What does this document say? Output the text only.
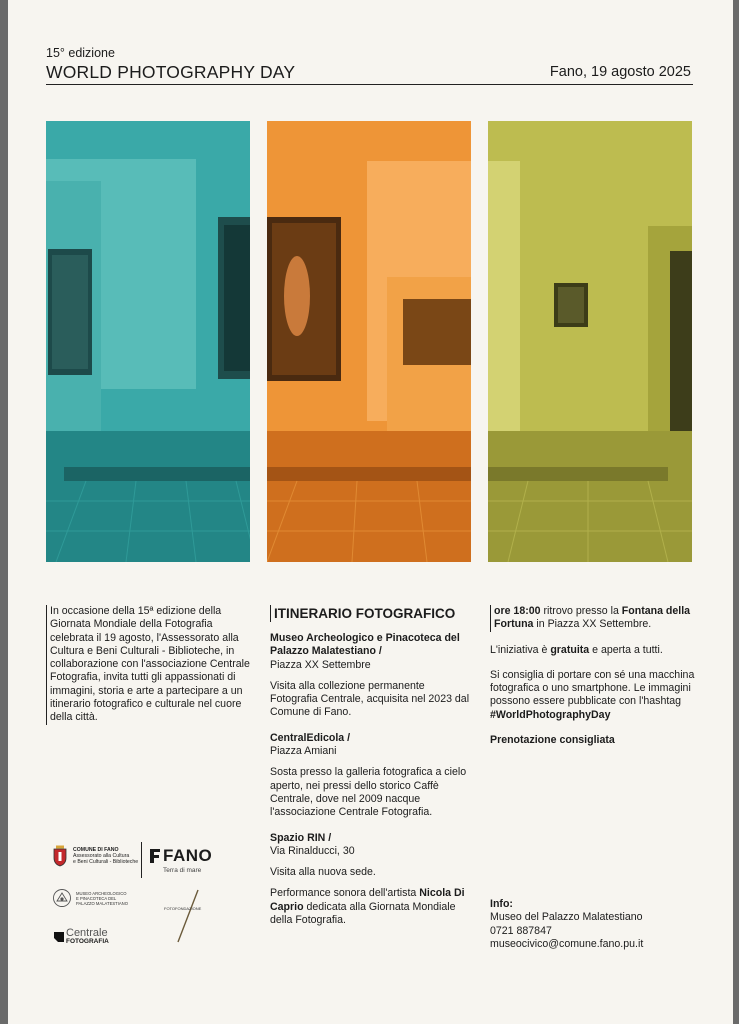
15° edizione
WORLD PHOTOGRAPHY DAY	Fano, 19 agosto 2025

In occasione della 15ª edizione della Giornata Mondiale della Fotografia celebrata il 19 agosto, l'Assessorato alla Cultura e Beni Culturali - Biblioteche, in collaborazione con l'associazione Centrale Fotografia, invita tutti gli appassionati di immagini, storia e arte a partecipare a un itinerario fotografico e culturale nel cuore della città.

ITINERARIO FOTOGRAFICO

Museo Archeologico e Pinacoteca del Palazzo Malatestiano /

Piazza XX Settembre

Visita alla collezione permanente Fotografia Centrale, acquisita nel 2023 dal Comune di Fano.

CentralEdicola /

Piazza Amiani

Sosta presso la galleria fotografica a cielo aperto, nei pressi dello storico Caffè Centrale, dove nel 2009 nacque l'associazione Centrale Fotografia.

Spazio RIN /

Via Rinalducci, 30

Visita alla nuova sede.

Performance sonora dell'artista Nicola Di Caprio dedicata alla Giornata Mondiale della Fotografia.

ore 18:00 ritrovo presso la Fontana della Fortuna in Piazza XX Settembre.

L'iniziativa è gratuita e aperta a tutti.

Si consiglia di portare con sé una macchina fotografica o uno smartphone. Le immagini possono essere pubblicate con l'hashtag

#WorldPhotographyDay

Prenotazione consigliata

Info:

Museo del Palazzo Malatestiano

0721 887847

museocivico@comune.fano.pu.it

COMUNE DI FANO
Assessorato alla Cultura
e Beni Culturali - Biblioteche FANO
Terra di mare
MUSEO ARCHEOLOGICO
E PINACOTECA DEL
PALAZZO MALATESTIANO
FOTOFONDAZIONE
Centrale
FOTOGRAFIA
